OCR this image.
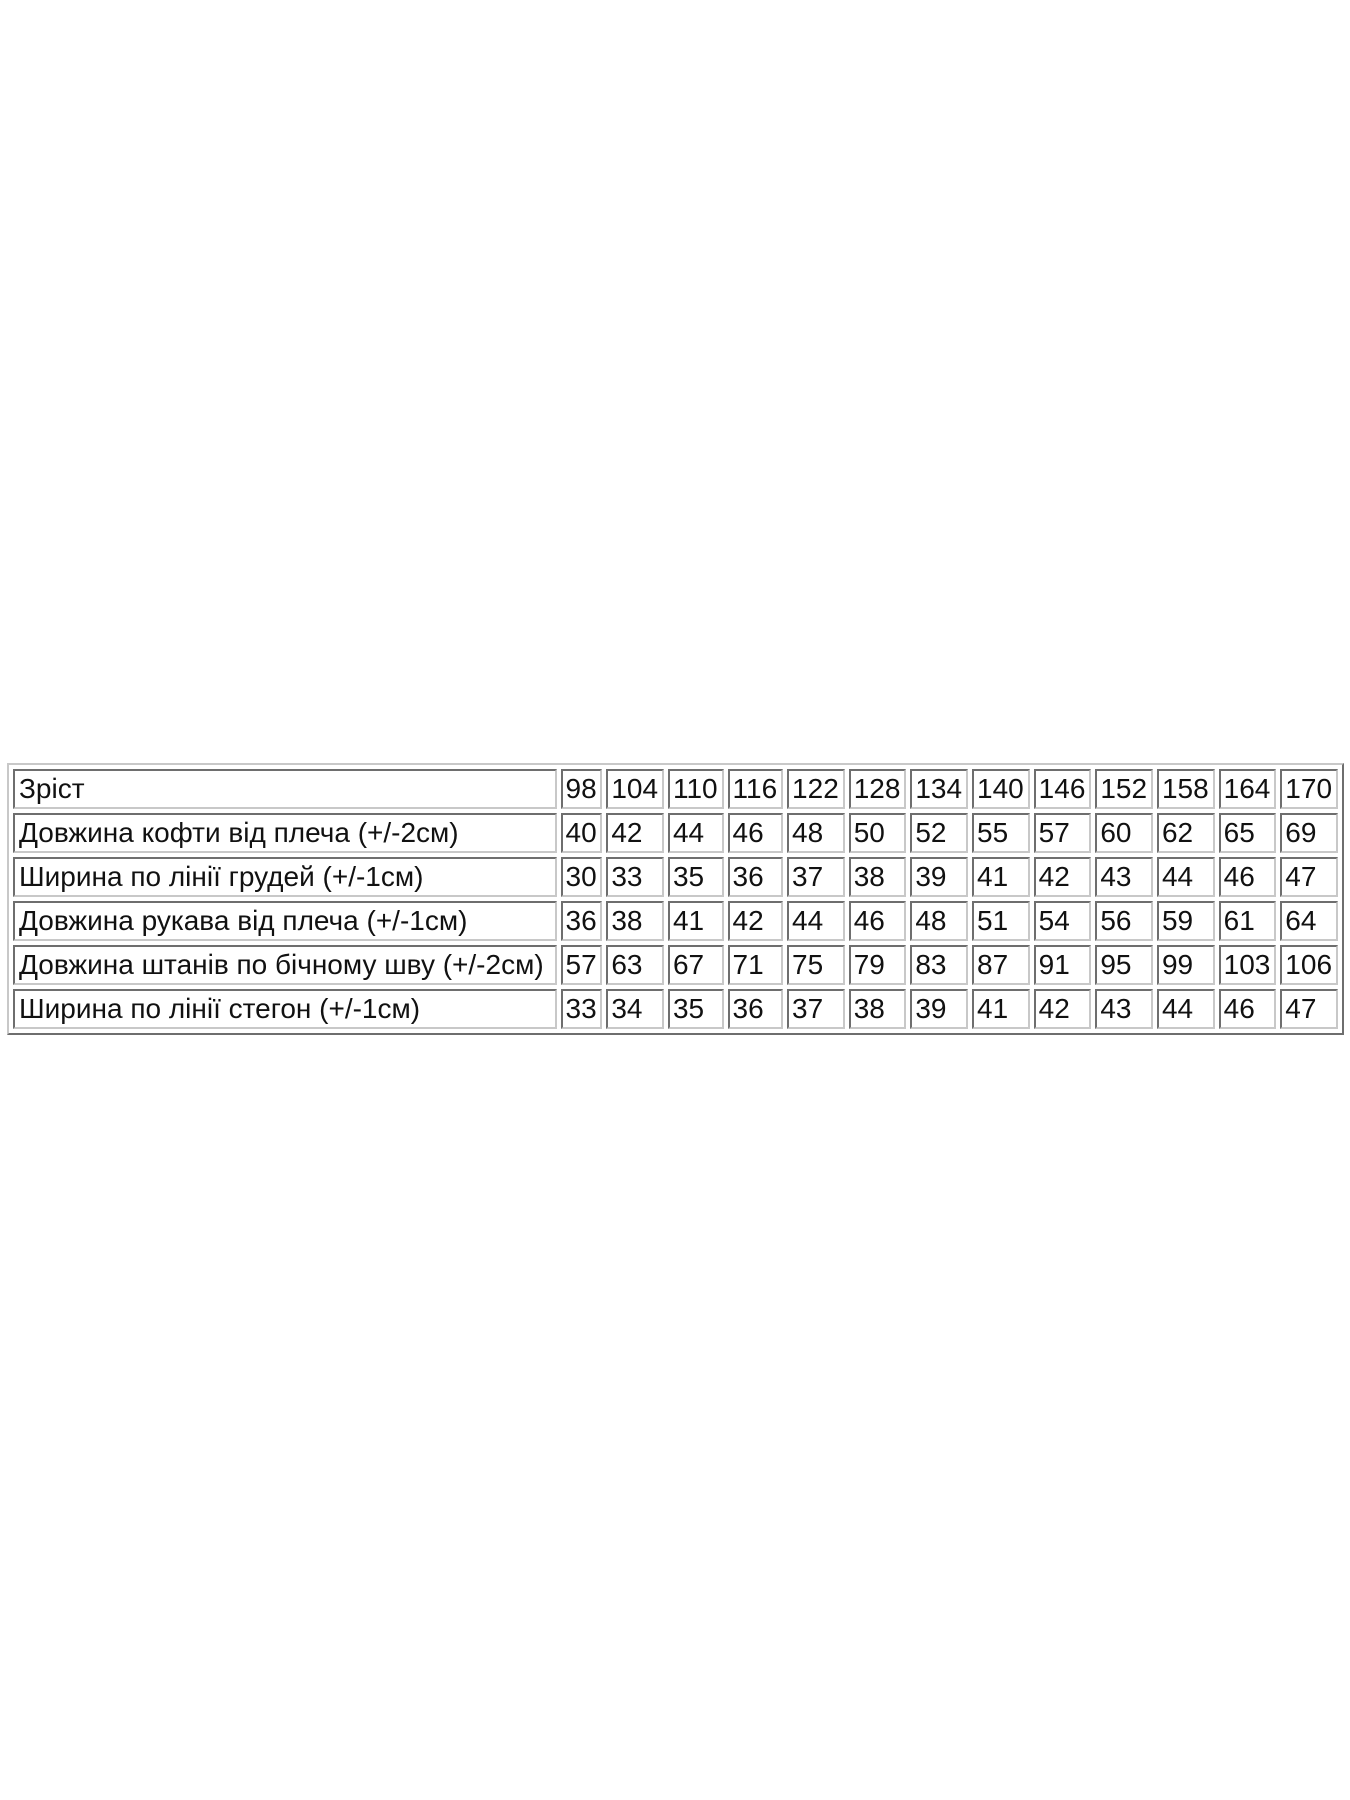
Зріст	98	104	110	116	122	128	134	140	146	152	158	164	170
Довжина кофти від плеча (+/-2см)	40	42	44	46	48	50	52	55	57	60	62	65	69
Ширина по лінії грудей (+/-1см)	30	33	35	36	37	38	39	41	42	43	44	46	47
Довжина рукава від плеча (+/-1см)	36	38	41	42	44	46	48	51	54	56	59	61	64
Довжина штанів по бічному шву (+/-2см)	57	63	67	71	75	79	83	87	91	95	99	103	106
Ширина по лінії стегон (+/-1см)	33	34	35	36	37	38	39	41	42	43	44	46	47
